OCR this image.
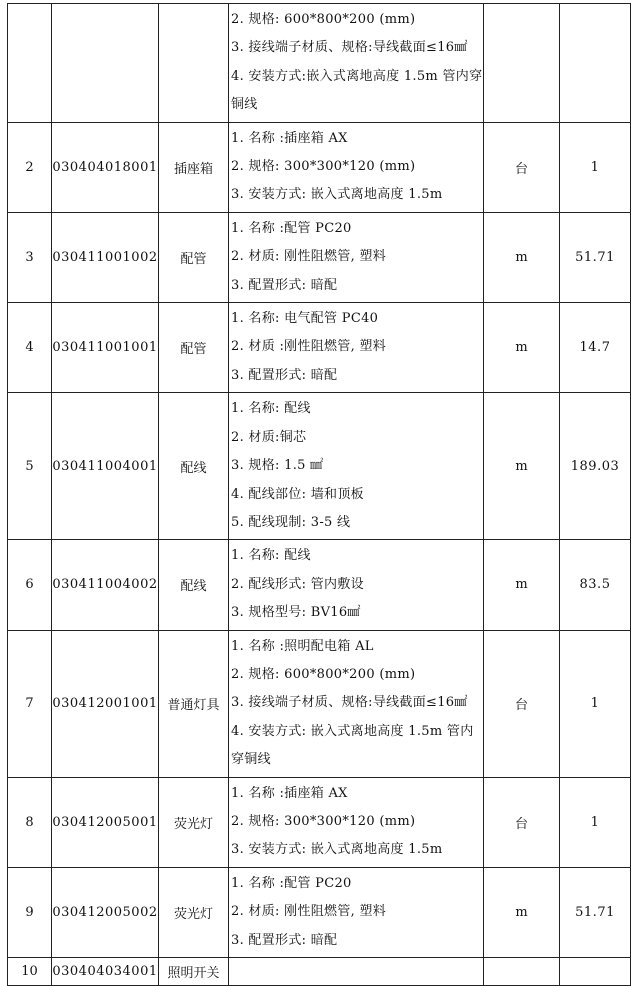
			2. 规格: 600*800*200 (mm)
3. 接线端子材质、规格:导线截面≤16㎟
4. 安装方式:嵌入式离地高度 1.5m 管内穿铜线		

2	030404018001	插座箱	1. 名称 :插座箱 AX
2. 规格: 300*300*120 (mm)
3. 安装方式: 嵌入式离地高度 1.5m	台	1
3	030411001002	配管	1. 名称 :配管 PC20
2. 材质: 刚性阻燃管, 塑料
3. 配置形式: 暗配	m	51.71
4	030411001001	配管	1. 名称: 电气配管 PC40
2. 材质 :刚性阻燃管, 塑料
3. 配置形式: 暗配	m	14.7
5	030411004001	配线	1. 名称: 配线
2. 材质:铜芯
3. 规格: 1.5 ㎟
4. 配线部位: 墙和顶板
5. 配线现制: 3-5 线	m	189.03
6	030411004002	配线	1. 名称: 配线
2. 配线形式: 管内敷设
3. 规格型号: BV16㎟	m	83.5
7	030412001001	普通灯具	1. 名称 :照明配电箱 AL
2. 规格: 600*800*200 (mm)
3. 接线端子材质、规格:导线截面≤16㎟
4. 安装方式: 嵌入式离地高度 1.5m 管内穿铜线	台	1
8	030412005001	荧光灯	1. 名称 :插座箱 AX
2. 规格: 300*300*120 (mm)
3. 安装方式: 嵌入式离地高度 1.5m	台	1
9	030412005002	荧光灯	1. 名称 :配管 PC20
2. 材质: 刚性阻燃管, 塑料
3. 配置形式: 暗配	m	51.71
10	030404034001	照明开关			
